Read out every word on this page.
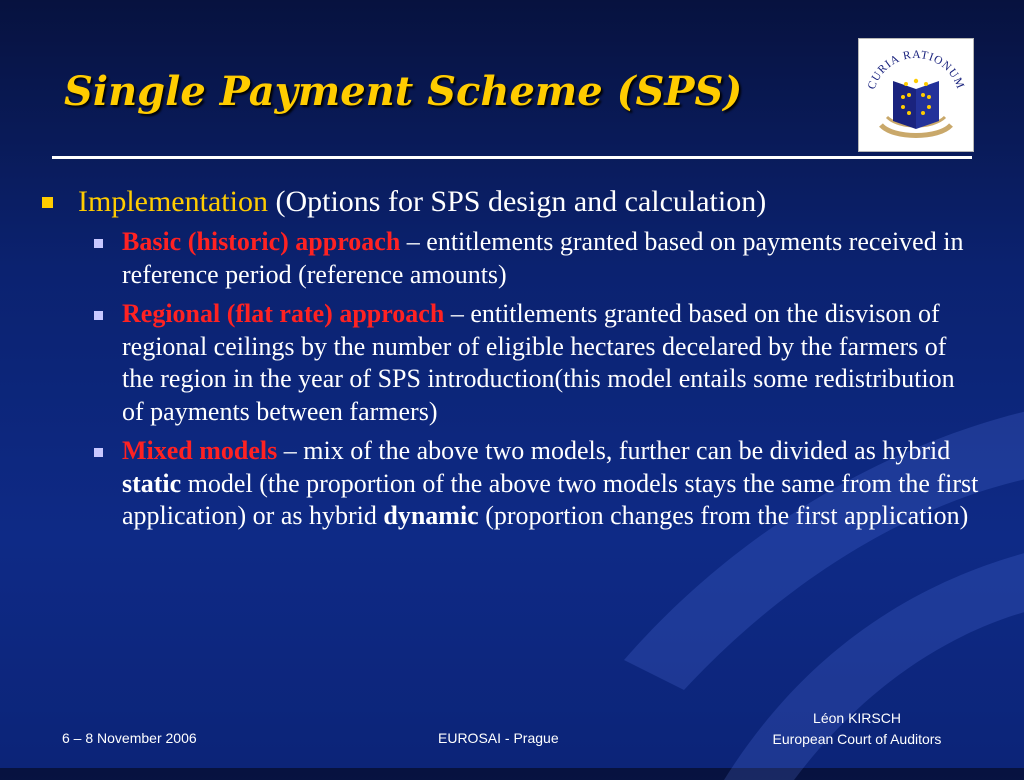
Single Payment Scheme (SPS)	CURIA RATIONUM
Implementation (Options for SPS design and calculation)
Basic (historic) approach – entitlements granted based on payments received in reference period (reference amounts)
Regional (flat rate) approach – entitlements granted based on the disvison of regional ceilings by the number of eligible hectares decelared by the farmers of the region in the year of SPS introduction(this model entails some redistribution of payments between farmers)
Mixed models – mix of the above two models, further can be divided as hybrid static model (the proportion of the above two models stays the same from the first application) or as hybrid dynamic (proportion changes from the first application)
6 – 8 November 2006	EUROSAI - Prague
Léon KIRSCH
European Court of Auditors
